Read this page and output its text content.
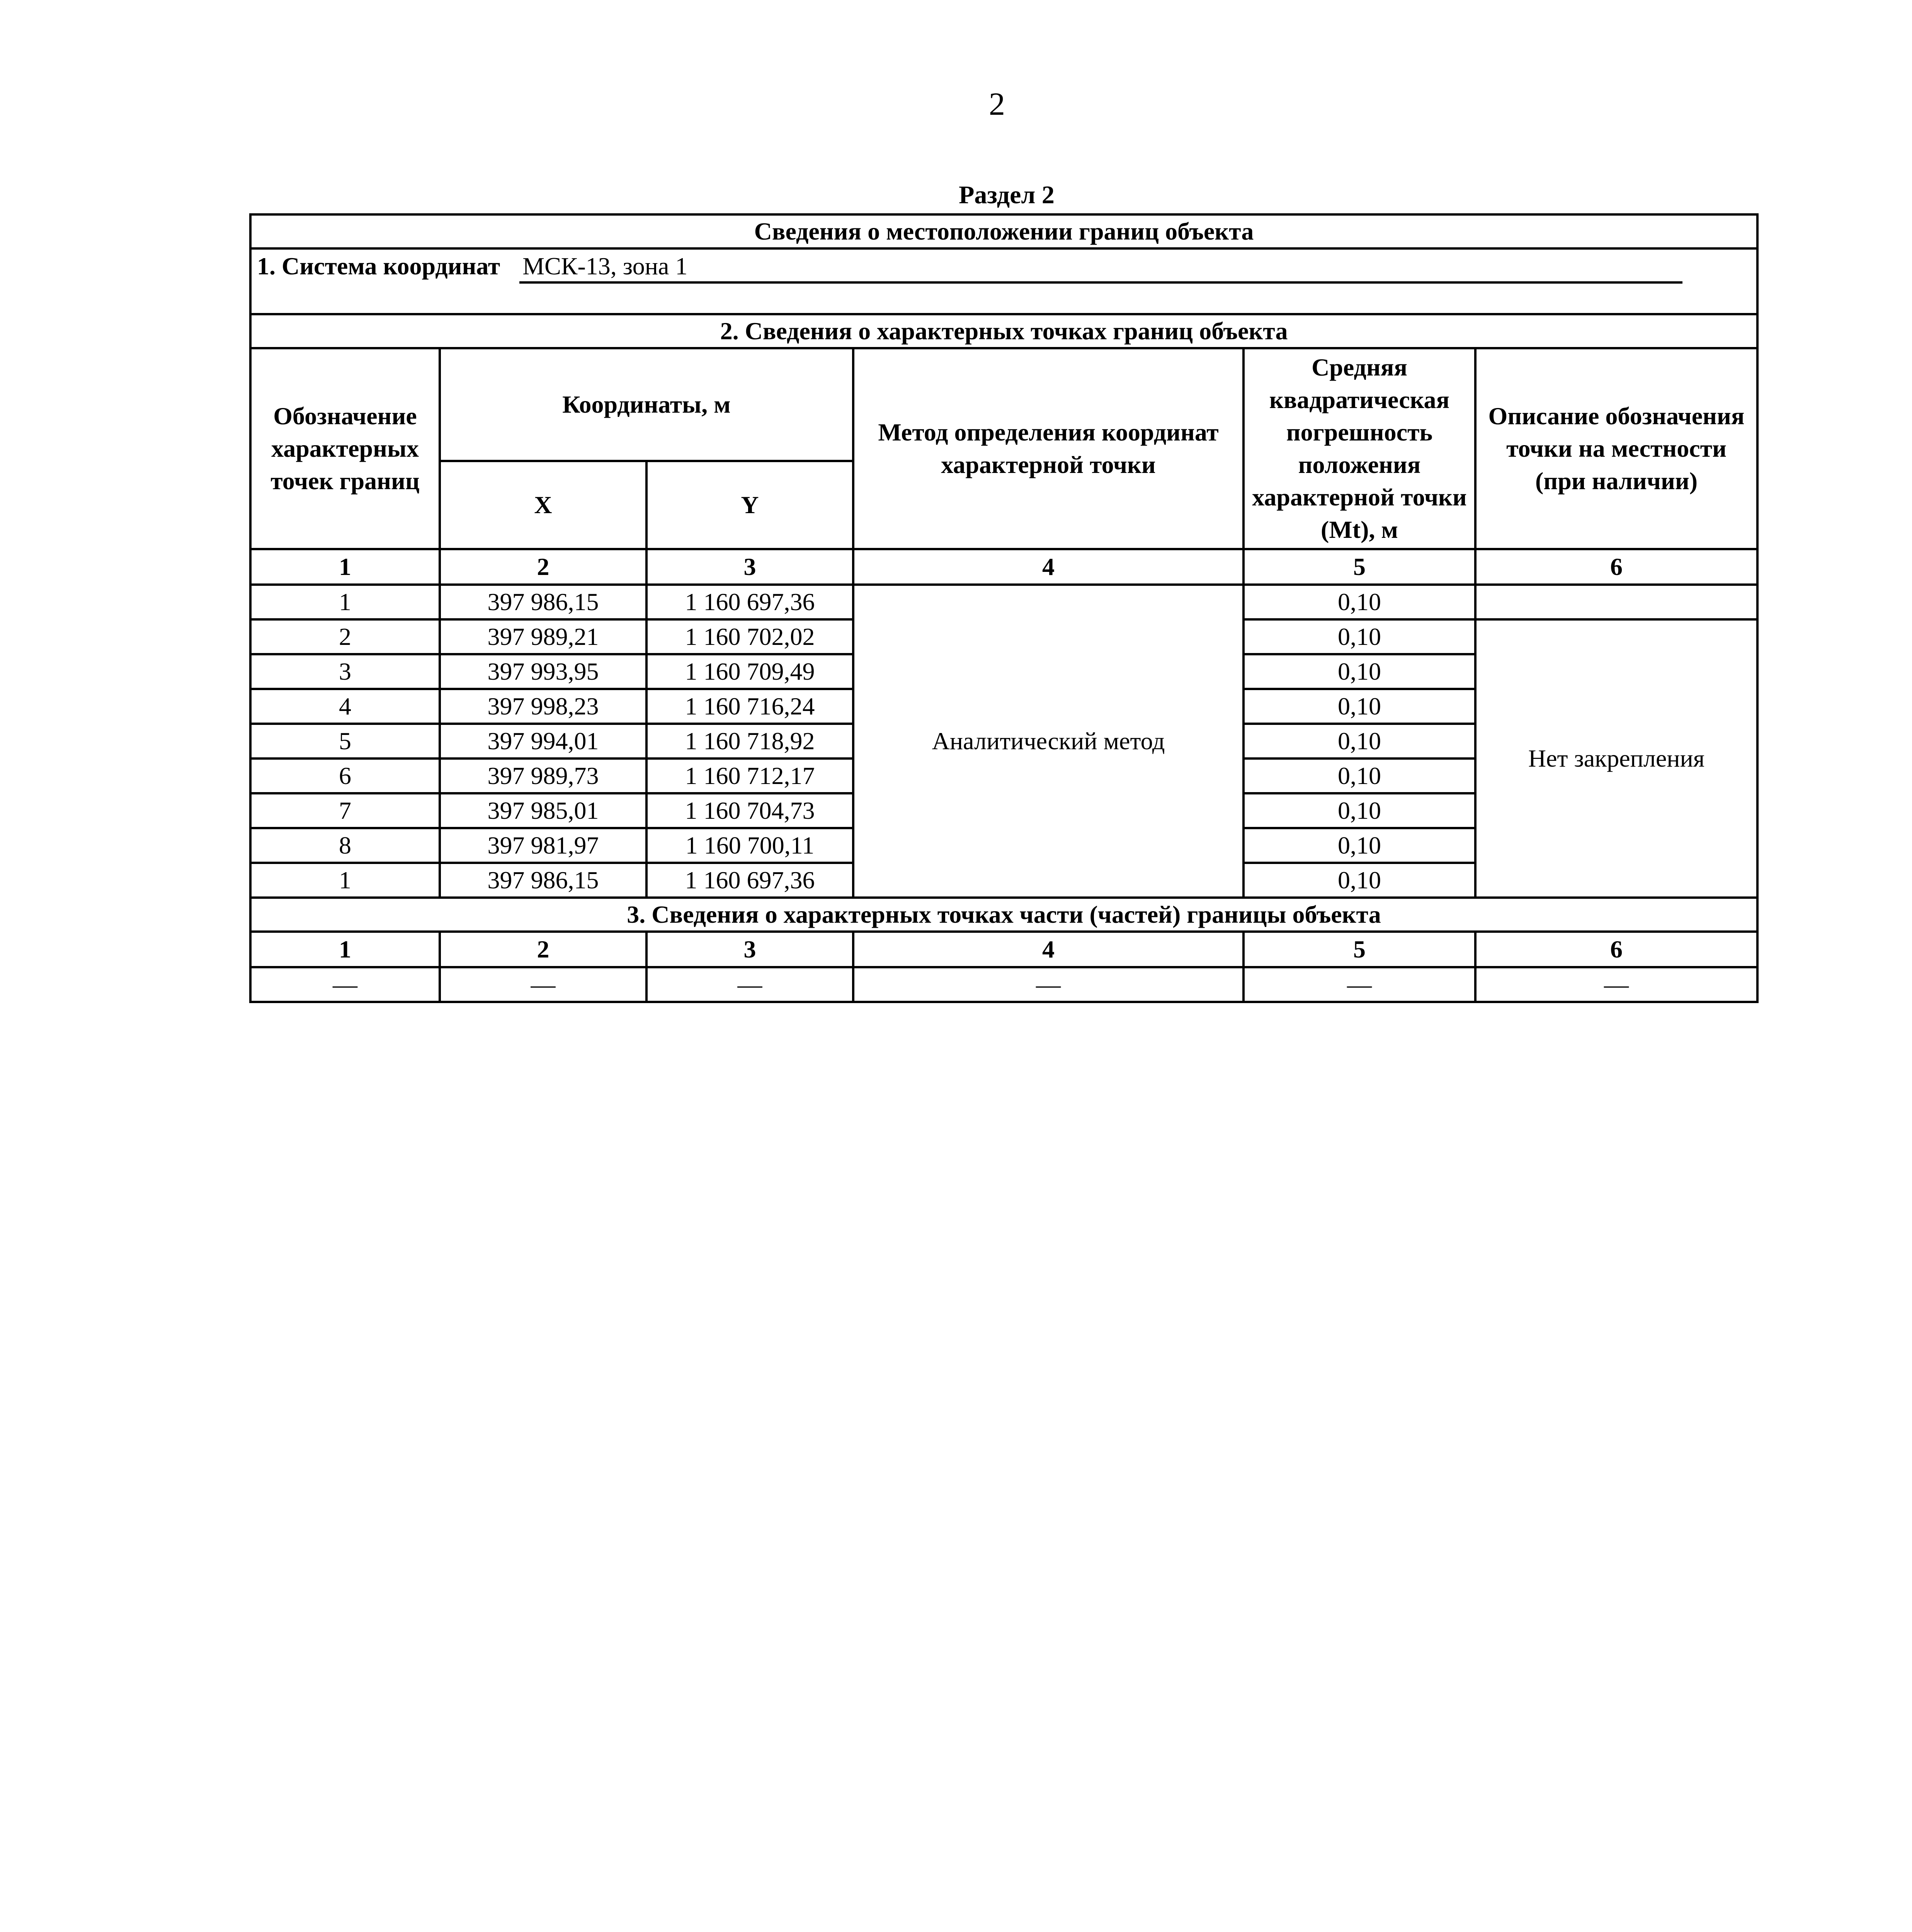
2
Раздел 2
Сведения о местоположении границ объекта					
1. Система координат МСК-13, зона 1					

2. Сведения о характерных точках границ объекта					
Обозначение характерных точек границ	Координаты, м		Метод определения координат характерной точки	Средняя квадратическая погрешность положения характерной точки (Mt), м	Описание обозначения точки на местности (при наличии)
	X	Y			
1	2	3	4	5	6
1	397 986,15	1 160 697,36	Аналитический метод	0,10	
2	397 989,21	1 160 702,02		0,10	Нет закрепления
3	397 993,95	1 160 709,49		0,10	
4	397 998,23	1 160 716,24		0,10	
5	397 994,01	1 160 718,92		0,10	
6	397 989,73	1 160 712,17		0,10	
7	397 985,01	1 160 704,73		0,10	
8	397 981,97	1 160 700,11		0,10	
1	397 986,15	1 160 697,36		0,10	
3. Сведения о характерных точках части (частей) границы объекта					
1	2	3	4	5	6
—	—	—	—	—	—
